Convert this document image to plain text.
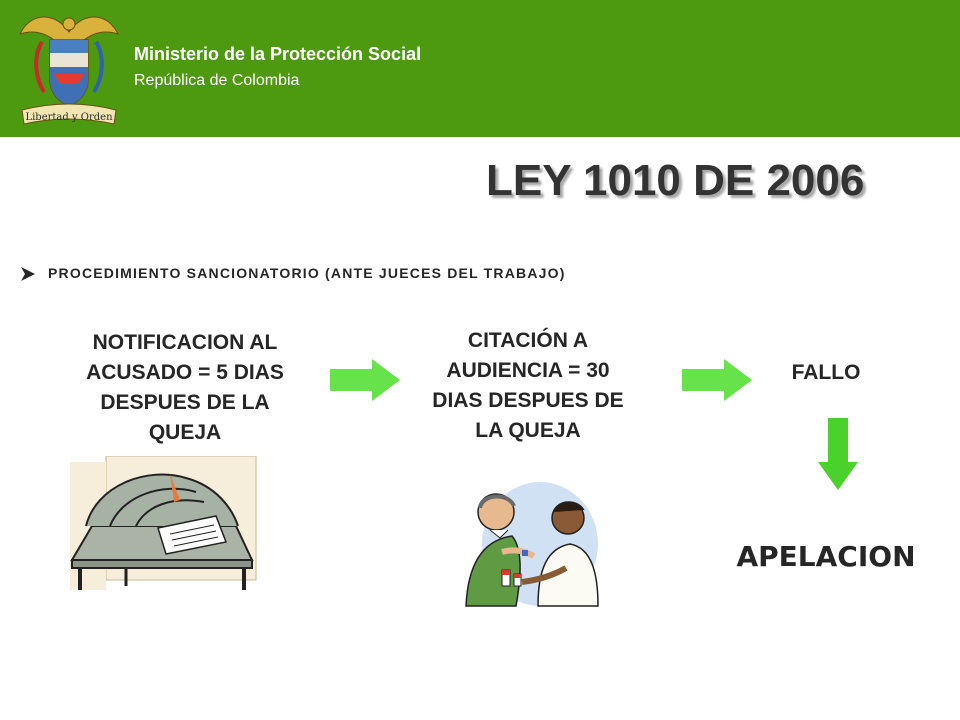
Libertad y Orden
Ministerio de la Protección Social
República de Colombia
LEY 1010 DE 2006
PROCEDIMIENTO SANCIONATORIO (ANTE JUECES DEL TRABAJO)
NOTIFICACION AL
ACUSADO = 5 DIAS
DESPUES DE LA
QUEJA
CITACIÓN A
AUDIENCIA = 30
DIAS DESPUES DE
LA QUEJA
FALLO
APELACION
